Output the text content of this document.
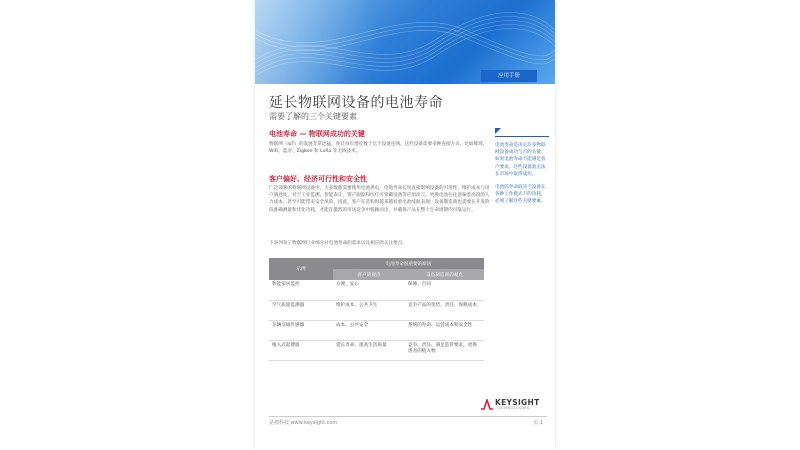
应用手册
延长物联网设备的电池寿命
需要了解的三个关键要素
电池寿命 — 物联网成功的关键
物联网（IoT）的发展非常迅猛，预计每年增长数十亿个设备连网。这些设备需要多种连接方式，比如蜂窝、WiFi、蓝牙、Zigbee 和 LoRa 等无线技术。
客户偏好、经济可行性和安全性
广泛部署的物联网设备中，大多数都需要使用电池供电。电池寿命长短直接影响设备的可用性、维护成本与用户满意度。对于工业监测、智能表计、资产跟踪和医疗可穿戴设备等应用而言，更换电池往往意味着高昂的人力成本，甚至可能带来安全风险。因此，客户在选购时越来越看重电池续航表现；设备制造商也需要在开发阶段准确测量和优化功耗，才能在激烈的市场竞争中脱颖而出，并确保产品在整个生命周期内可靠运行。
下表列举了物联网行业细分对电池寿命的需求以及相应的关注要点。

电池寿命是决定许多物联网设备成功与否的关键。如果电池寿命不能满足客户要求，这些设备就无法在市场中取得成功。

电池的寿命取决于设备在各种工作模式下的功耗，必须了解这些关键要素。

示例	电池寿命很重要的原因	
	客户的观点	设备制造商的观点
智能家居监控	方便、安心	保修、召回
空气质量监测器	维护成本、公共卫生	竞争产品的优势、责任、保修成本
车辆交通传感器	成本、公共安全	系统的寿命、运营成本和安全性
植入式起搏器	延长寿命、提高生活质量	竞争、责任、满足监管要求，更换患者的植入物
KEYSIGHT
TECHNOLOGIES
是德科技 www.keysight.com	页 1
